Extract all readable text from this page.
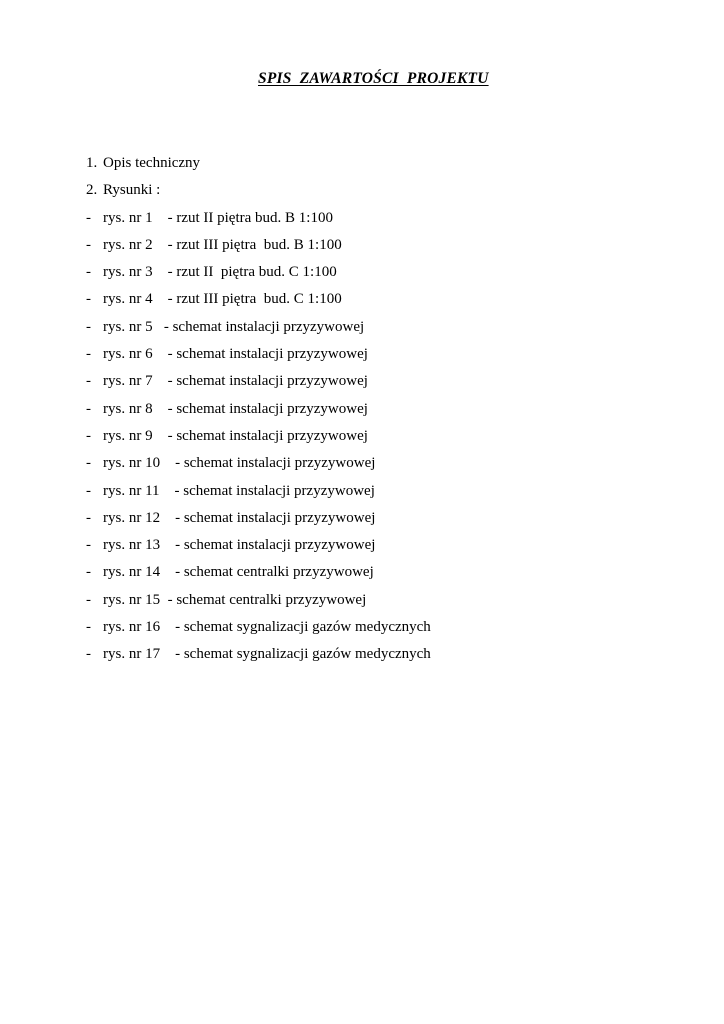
SPIS  ZAWARTOŚCI  PROJEKTU
1. Opis techniczny
2. Rysunki :
- rys. nr 1    - rzut II piętra bud. B 1:100
- rys. nr 2    - rzut III piętra  bud. B 1:100
- rys. nr 3    - rzut II  piętra bud. C 1:100
- rys. nr 4    - rzut III piętra  bud. C 1:100
- rys. nr 5   - schemat instalacji przyzywowej
- rys. nr 6    - schemat instalacji przyzywowej
- rys. nr 7    - schemat instalacji przyzywowej
- rys. nr 8    - schemat instalacji przyzywowej
- rys. nr 9    - schemat instalacji przyzywowej
- rys. nr 10    - schemat instalacji przyzywowej
- rys. nr 11    - schemat instalacji przyzywowej
- rys. nr 12    - schemat instalacji przyzywowej
- rys. nr 13    - schemat instalacji przyzywowej
- rys. nr 14    - schemat centralki przyzywowej
- rys. nr 15  - schemat centralki przyzywowej
- rys. nr 16    - schemat sygnalizacji gazów medycznych
- rys. nr 17    - schemat sygnalizacji gazów medycznych
